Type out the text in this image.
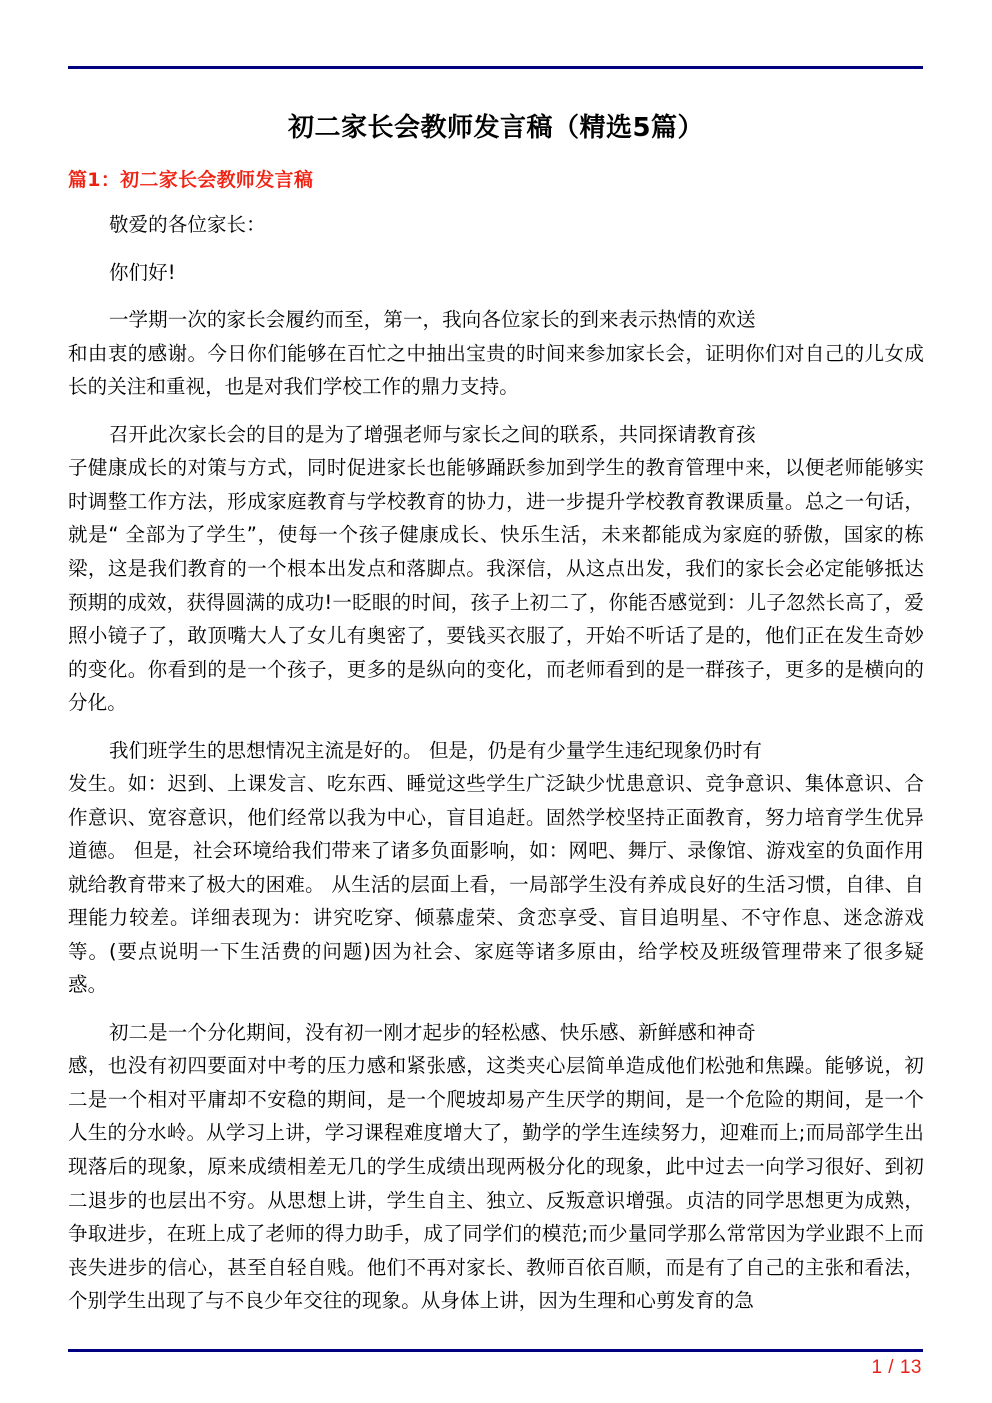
初二家长会教师发言稿（精选5篇）
篇1：初二家长会教师发言稿

敬爱的各位家长：

你们好!

一学期一次的家长会履约而至，第一，我向各位家长的到来表示热情的欢送
和由衷的感谢。今日你们能够在百忙之中抽出宝贵的时间来参加家长会，证明你们对自己的儿女成长的关注和重视，也是对我们学校工作的鼎力支持。

召开此次家长会的目的是为了增强老师与家长之间的联系，共同探请教育孩
子健康成长的对策与方式，同时促进家长也能够踊跃参加到学生的教育管理中来，以便老师能够实时调整工作方法，形成家庭教育与学校教育的协力，进一步提升学校教育教课质量。总之一句话，就是“ 全部为了学生”，使每一个孩子健康成长、快乐生活，未来都能成为家庭的骄傲，国家的栋梁，这是我们教育的一个根本出发点和落脚点。我深信，从这点出发，我们的家长会必定能够抵达预期的成效，获得圆满的成功!一眨眼的时间，孩子上初二了，你能否感觉到：儿子忽然长高了，爱照小镜子了，敢顶嘴大人了女儿有奥密了，要钱买衣服了，开始不听话了是的，他们正在发生奇妙的变化。你看到的是一个孩子，更多的是纵向的变化，而老师看到的是一群孩子，更多的是横向的分化。

我们班学生的思想情况主流是好的。 但是，仍是有少量学生违纪现象仍时有
发生。如：迟到、上课发言、吃东西、睡觉这些学生广泛缺少忧患意识、竞争意识、集体意识、合作意识、宽容意识，他们经常以我为中心，盲目追赶。固然学校坚持正面教育，努力培育学生优异道德。 但是，社会环境给我们带来了诸多负面影响，如：网吧、舞厅、录像馆、游戏室的负面作用就给教育带来了极大的困难。 从生活的层面上看，一局部学生没有养成良好的生活习惯，自律、自理能力较差。详细表现为：讲究吃穿、倾慕虚荣、贪恋享受、盲目追明星、不守作息、迷念游戏等。(要点说明一下生活费的问题)因为社会、家庭等诸多原由，给学校及班级管理带来了很多疑惑。

初二是一个分化期间，没有初一刚才起步的轻松感、快乐感、新鲜感和神奇
感，也没有初四要面对中考的压力感和紧张感，这类夹心层简单造成他们松弛和焦躁。能够说，初二是一个相对平庸却不安稳的期间，是一个爬坡却易产生厌学的期间，是一个危险的期间，是一个人生的分水岭。从学习上讲，学习课程难度增大了，勤学的学生连续努力，迎难而上;而局部学生出现落后的现象，原来成绩相差无几的学生成绩出现两极分化的现象，此中过去一向学习很好、到初二退步的也层出不穷。从思想上讲，学生自主、独立、反叛意识增强。贞洁的同学思想更为成熟，争取进步，在班上成了老师的得力助手，成了同学们的模范;而少量同学那么常常因为学业跟不上而丧失进步的信心，甚至自轻自贱。他们不再对家长、教师百依百顺，而是有了自己的主张和看法，个别学生出现了与不良少年交往的现象。从身体上讲，因为生理和心剪发育的急

1 / 13
